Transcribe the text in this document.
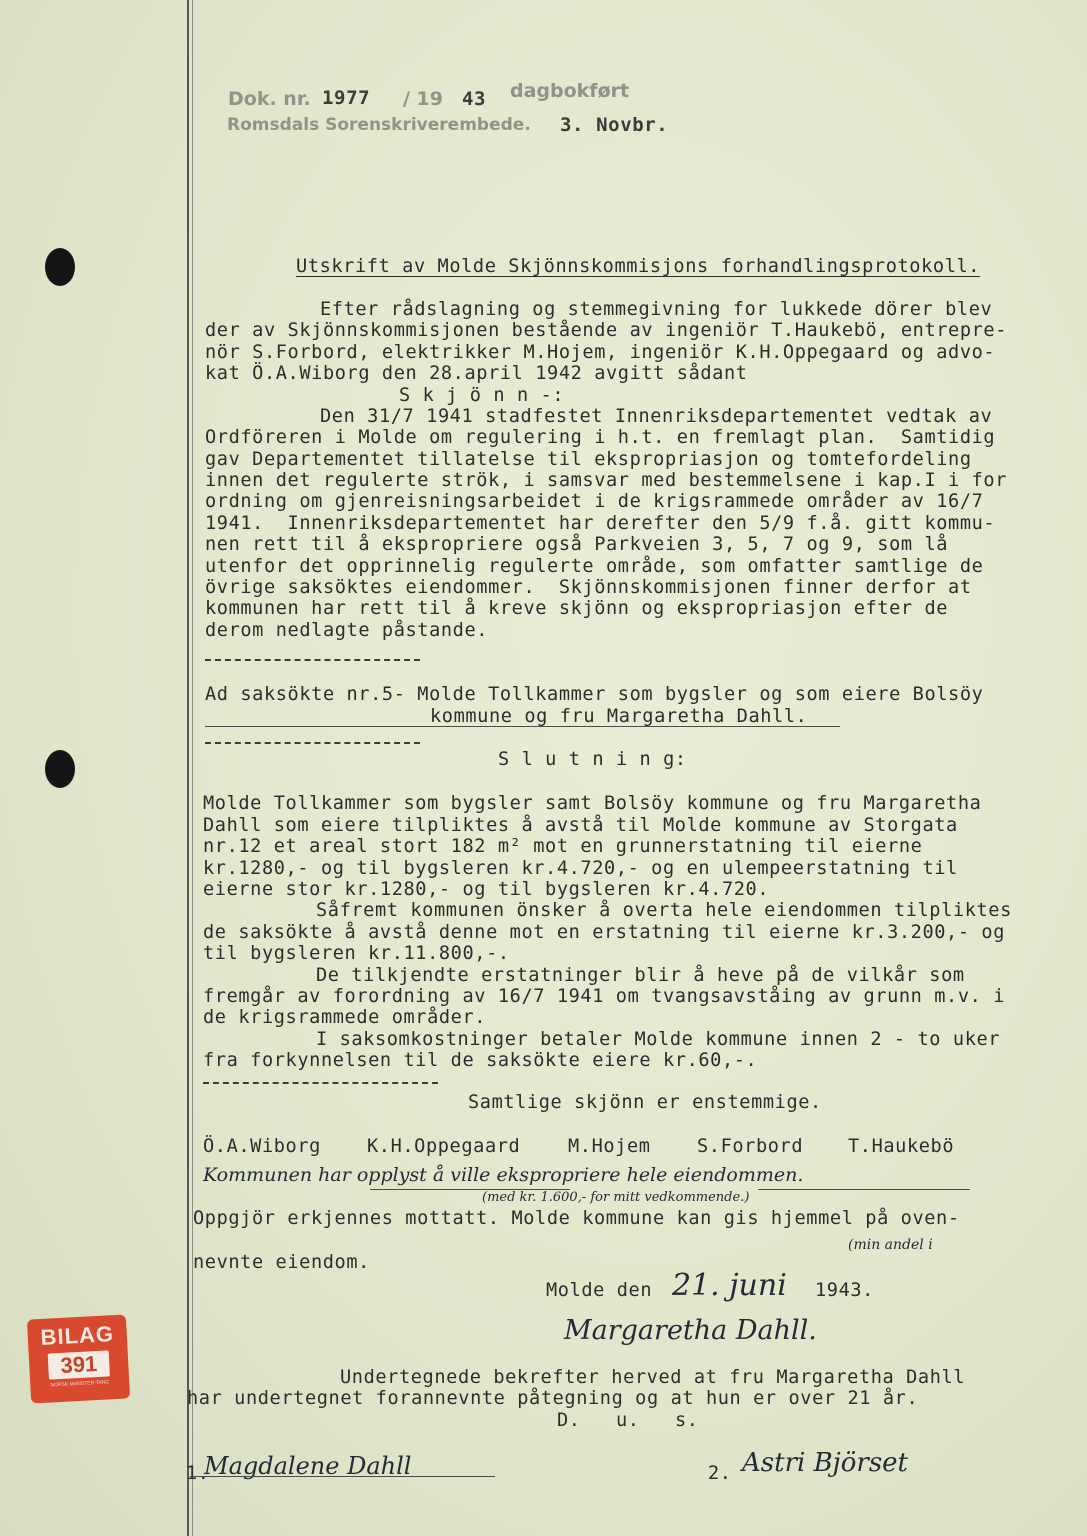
Dok. nr. 1977 / 19 43 dagbokført
Romsdals Sorenskriverembede. 3. Novbr.
Utskrift av Molde Skjönnskommisjons forhandlingsprotokoll.
Efter rådslagning og stemmegivning for lukkede dörer blev
der av Skjönnskommisjonen bestående av ingeniör T.Haukebö, entrepre-
nör S.Forbord, elektrikker M.Hojem, ingeniör K.H.Oppegaard og advo-
kat Ö.A.Wiborg den 28.april 1942 avgitt sådant
S k j ö n n -:
Den 31/7 1941 stadfestet Innenriksdepartementet vedtak av
Ordföreren i Molde om regulering i h.t. en fremlagt plan.  Samtidig
gav Departementet tillatelse til ekspropriasjon og tomtefordeling
innen det regulerte strök, i samsvar med bestemmelsene i kap.I i for
ordning om gjenreisningsarbeidet i de krigsrammede områder av 16/7
1941.  Innenriksdepartementet har derefter den 5/9 f.å. gitt kommu-
nen rett til å ekspropriere også Parkveien 3, 5, 7 og 9, som lå
utenfor det opprinnelig regulerte område, som omfatter samtlige de
övrige saksöktes eiendommer.  Skjönnskommisjonen finner derfor at
kommunen har rett til å kreve skjönn og ekspropriasjon efter de
derom nedlagte påstande.
Ad saksökte nr.5- Molde Tollkammer som bygsler og som eiere Bolsöy
kommune og fru Margaretha Dahll.
S l u t n i n g:
Molde Tollkammer som bygsler samt Bolsöy kommune og fru Margaretha
Dahll som eiere tilpliktes å avstå til Molde kommune av Storgata
nr.12 et areal stort 182 m² mot en grunnerstatning til eierne
kr.1280,- og til bygsleren kr.4.720,- og en ulempeerstatning til
eierne stor kr.1280,- og til bygsleren kr.4.720.
Såfremt kommunen önsker å overta hele eiendommen tilpliktes
de saksökte å avstå denne mot en erstatning til eierne kr.3.200,- og
til bygsleren kr.11.800,-.
De tilkjendte erstatninger blir å heve på de vilkår som
fremgår av forordning av 16/7 1941 om tvangsavståing av grunn m.v. i
de krigsrammede områder.
I saksomkostninger betaler Molde kommune innen 2 - to uker
fra forkynnelsen til de saksökte eiere kr.60,-.
Samtlige skjönn er enstemmige.
Ö.A.Wiborg K.H.Oppegaard	M.Hojem S.Forbord T.Haukebö
Kommunen har opplyst å ville ekspropriere hele eiendommen.
(med kr. 1.600,- for mitt vedkommende.)
Oppgjör erkjennes mottatt. Molde kommune kan gis hjemmel på oven-
nevnte eiendom.
(min andel i
Molde den 21. juni 1943.
Margaretha Dahll.
Undertegnede bekrefter herved at fru Margaretha Dahll
har undertegnet forannevnte påtegning og at hun er over 21 år.
D.   u.   s.
1.
Magdalene Dahll	2. Astri Björset
BILAG
391
NORSK MANSTER-TANC
